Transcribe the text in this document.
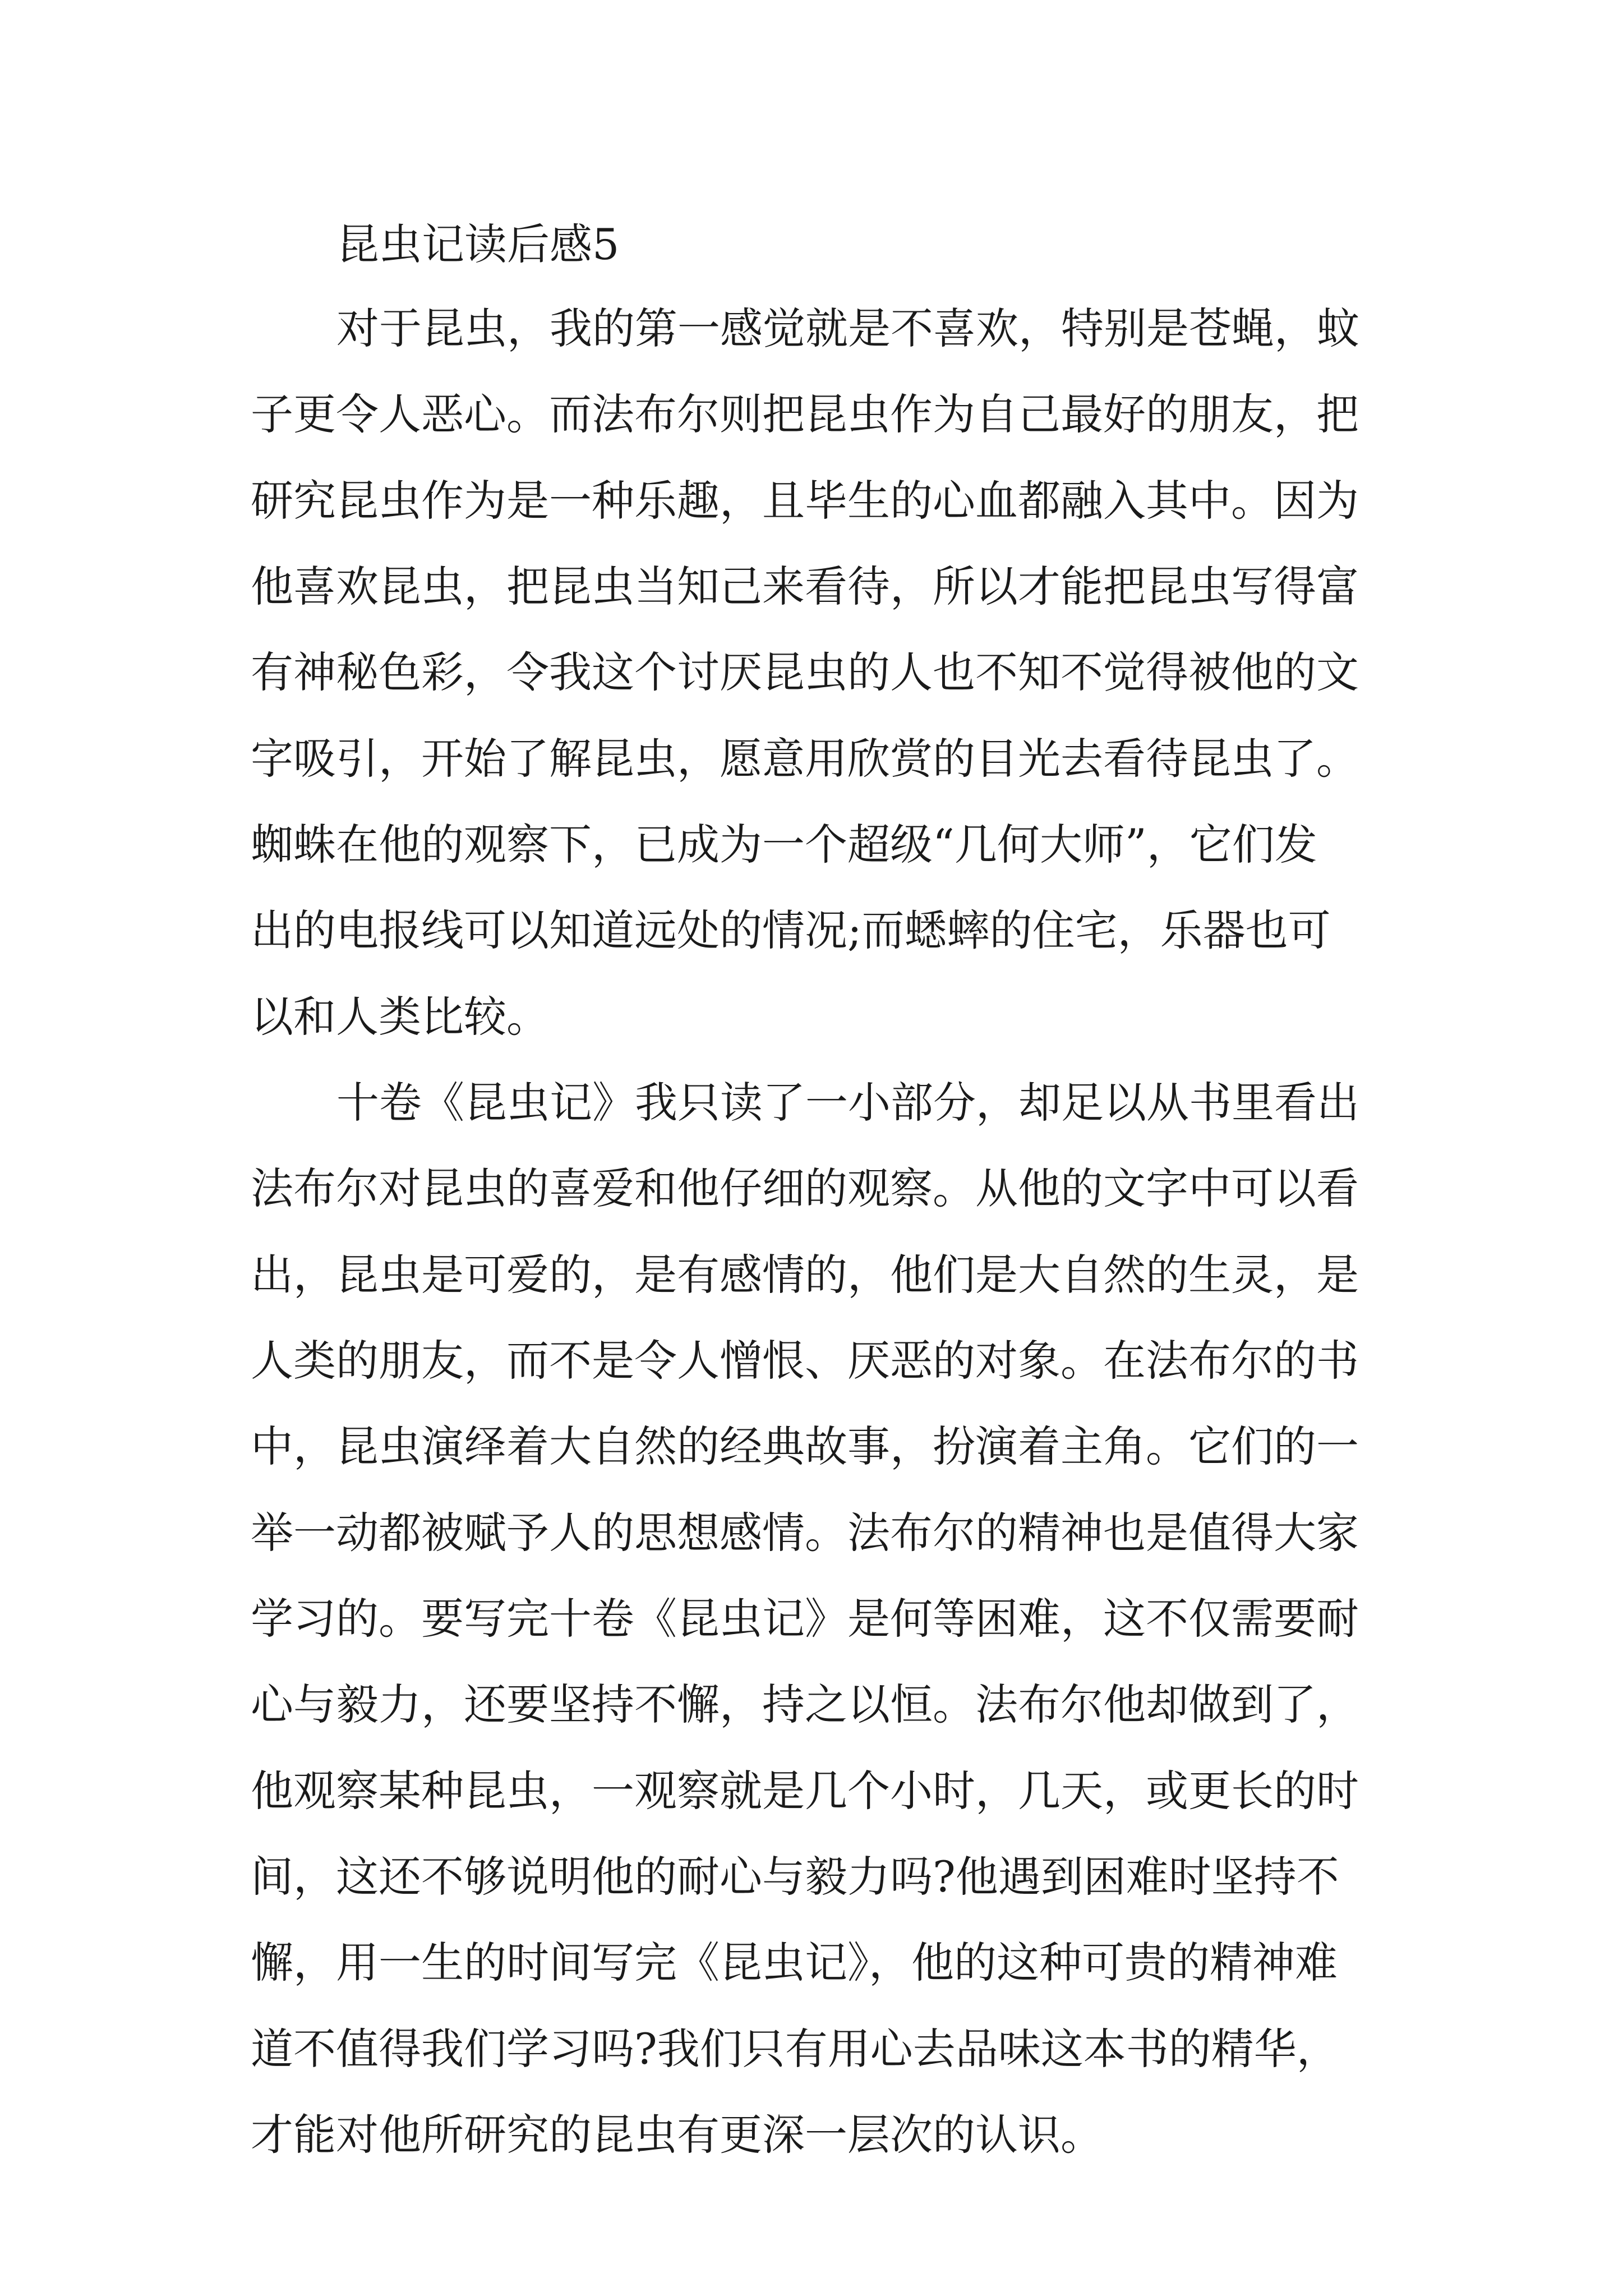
昆虫记读后感5

对于昆虫，我的第一感觉就是不喜欢，特别是苍蝇，蚊

子更令人恶心。而法布尔则把昆虫作为自己最好的朋友，把

研究昆虫作为是一种乐趣，且毕生的心血都融入其中。因为

他喜欢昆虫，把昆虫当知己来看待，所以才能把昆虫写得富

有神秘色彩，令我这个讨厌昆虫的人也不知不觉得被他的文

字吸引，开始了解昆虫，愿意用欣赏的目光去看待昆虫了。

蜘蛛在他的观察下，已成为一个超级“几何大师”，它们发

出的电报线可以知道远处的情况;而蟋蟀的住宅，乐器也可

以和人类比较。

十卷《昆虫记》我只读了一小部分，却足以从书里看出

法布尔对昆虫的喜爱和他仔细的观察。从他的文字中可以看

出，昆虫是可爱的，是有感情的，他们是大自然的生灵，是

人类的朋友，而不是令人憎恨、厌恶的对象。在法布尔的书

中，昆虫演绎着大自然的经典故事，扮演着主角。它们的一

举一动都被赋予人的思想感情。法布尔的精神也是值得大家

学习的。要写完十卷《昆虫记》是何等困难，这不仅需要耐

心与毅力，还要坚持不懈，持之以恒。法布尔他却做到了，

他观察某种昆虫，一观察就是几个小时，几天，或更长的时

间，这还不够说明他的耐心与毅力吗?他遇到困难时坚持不

懈，用一生的时间写完《昆虫记》，他的这种可贵的精神难

道不值得我们学习吗?我们只有用心去品味这本书的精华，

才能对他所研究的昆虫有更深一层次的认识。
